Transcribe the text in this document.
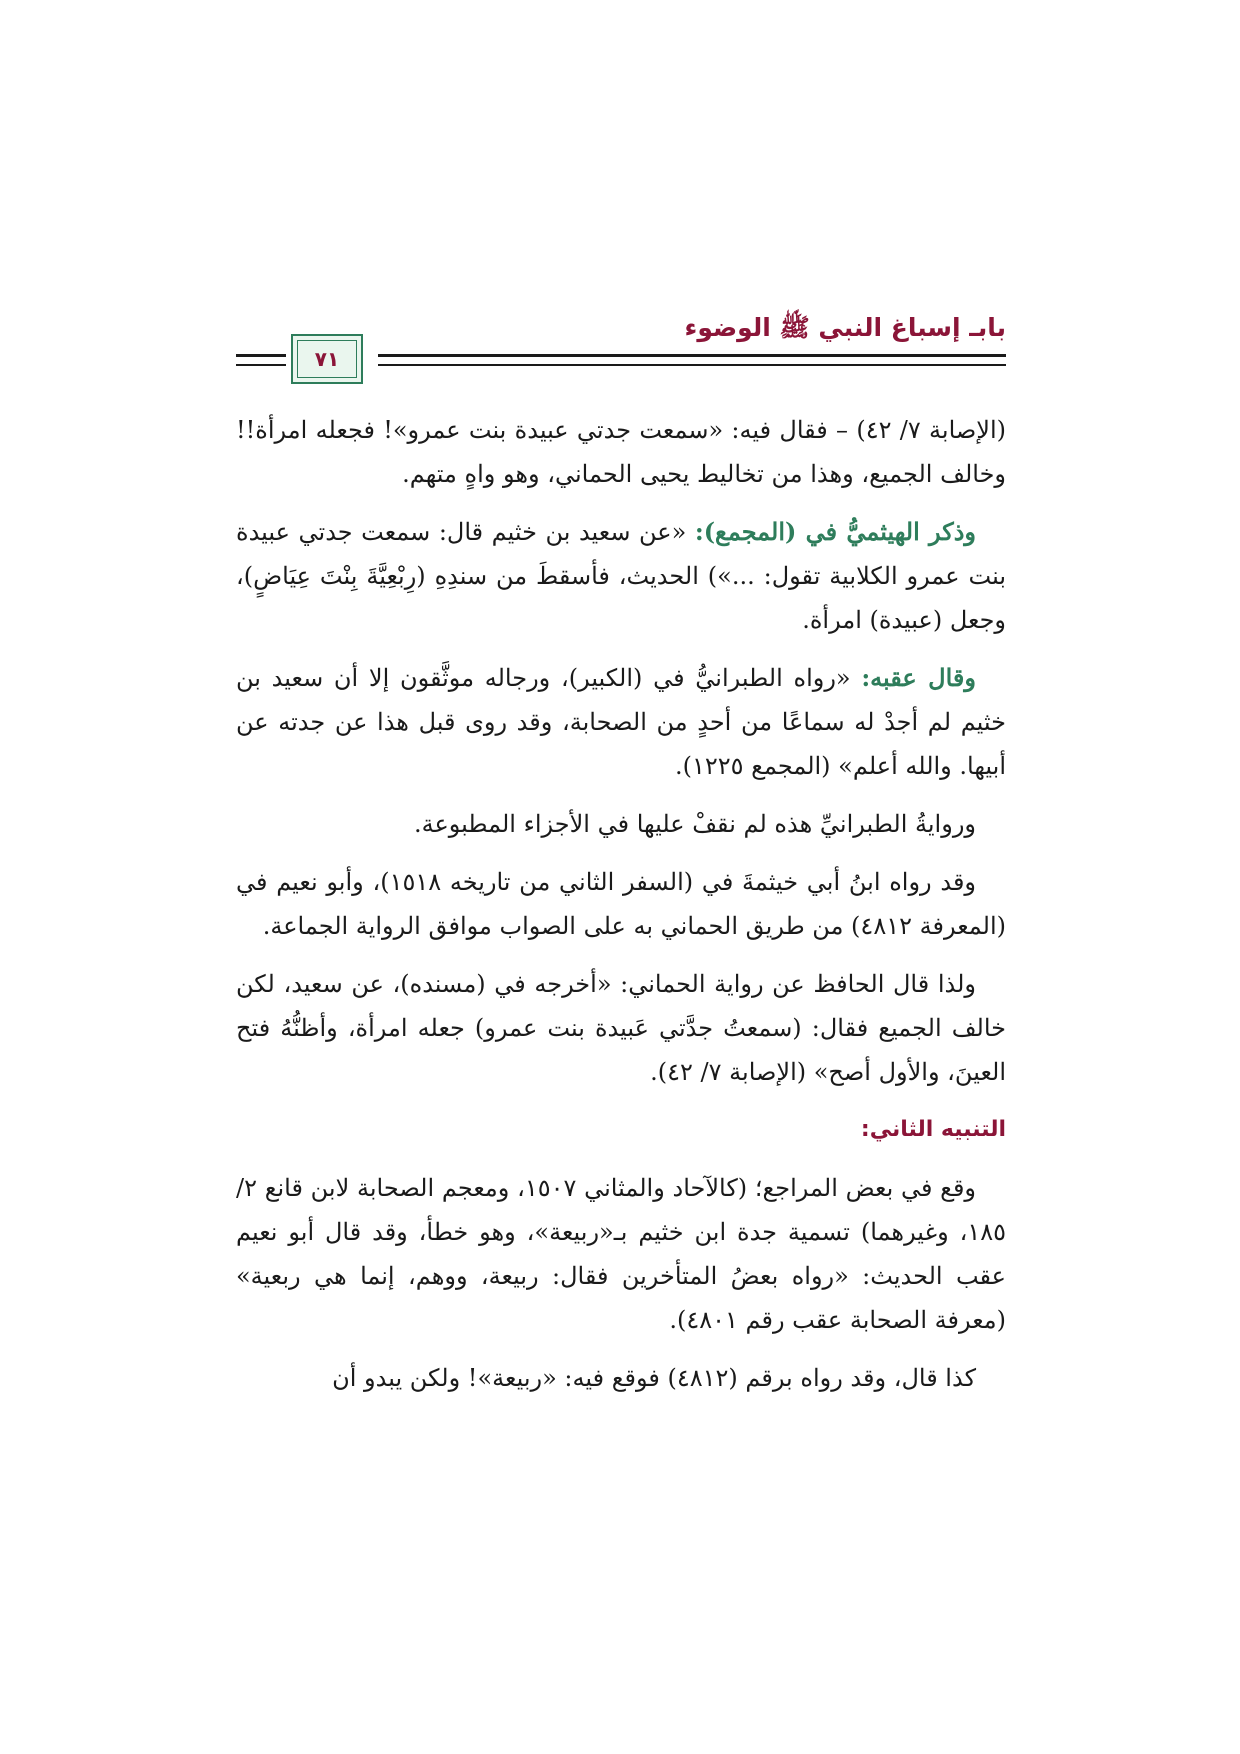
بابـ إسباغ النبي ﷺ الوضوء
٧١

(الإصابة ٧/ ٤٢) – فقال فيه: «سمعت جدتي عبيدة بنت عمرو»! فجعله امرأة!! وخالف الجميع، وهذا من تخاليط يحيى الحماني، وهو واهٍ متهم.

وذكر الهيثميُّ في (المجمع): «عن سعيد بن خثيم قال: سمعت جدتي عبيدة بنت عمرو الكلابية تقول: ...») الحديث، فأسقطَ من سندِهِ (رِبْعِيَّةَ بِنْتَ عِيَاضٍ)، وجعل (عبيدة) امرأة.

وقال عقبه: «رواه الطبرانيُّ في (الكبير)، ورجاله موثَّقون إلا أن سعيد بن خثيم لم أجدْ له سماعًا من أحدٍ من الصحابة، وقد روى قبل هذا عن جدته عن أبيها. والله أعلم» (المجمع ١٢٢٥).

وروايةُ الطبرانيِّ هذه لم نقفْ عليها في الأجزاء المطبوعة.

وقد رواه ابنُ أبي خيثمةَ في (السفر الثاني من تاريخه ١٥١٨)، وأبو نعيم في (المعرفة ٤٨١٢) من طريق الحماني به على الصواب موافق الرواية الجماعة.

ولذا قال الحافظ عن رواية الحماني: «أخرجه في (مسنده)، عن سعيد، لكن خالف الجميع فقال: (سمعتُ جدَّتي عَبيدة بنت عمرو) جعله امرأة، وأظنُّهُ فتح العينَ، والأول أصح» (الإصابة ٧/ ٤٢).

التنبيه الثاني:

وقع في بعض المراجع؛ (كالآحاد والمثاني ١٥٠٧، ومعجم الصحابة لابن قانع ٢/ ١٨٥، وغيرهما) تسمية جدة ابن خثيم بـ«ربيعة»، وهو خطأ، وقد قال أبو نعيم عقب الحديث: «رواه بعضُ المتأخرين فقال: ربيعة، ووهم، إنما هي ربعية» (معرفة الصحابة عقب رقم ٤٨٠١).

كذا قال، وقد رواه برقم (٤٨١٢) فوقع فيه: «ربيعة»! ولكن يبدو أن
